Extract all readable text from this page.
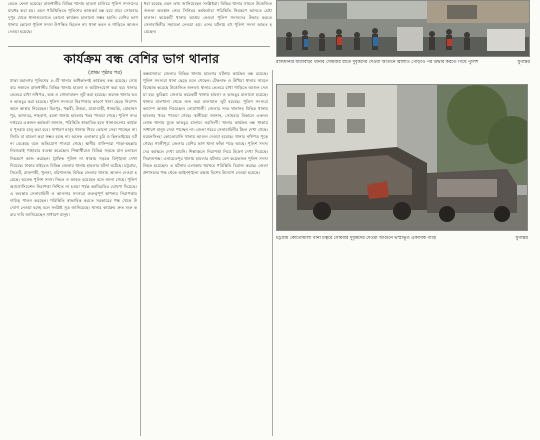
ভেঙে ফেলা হয়েছে। রাজধানীর বিভিন্ন থানায় হামলা চালিয়ে পুলিশ সদস্যদের মারধর করা হয়। এমন পরিস্থিতিতে পুলিশের কাজকর্ম বন্ধ হয়ে যায়। সোমবার দুপুর থেকে থানাগুলোতে কোনো কার্যক্রম চালানো সম্ভব হয়নি। বেশির ভাগ থানায় কোনো পুলিশ সদস্য উপস্থিত ছিলেন না। থানা ভবন ও গাড়িতে আগুন দেওয়া হয়েছে।

ধরা হয়েছে এমন তথ্য জানিয়েছেন সংশ্লিষ্টরা। বিভিন্ন থানার সামনে উত্তেজিত জনতা অবস্থান নেয়। সিনিয়র কর্মকর্তারা পরিস্থিতি নিয়ন্ত্রণে আনতে চেষ্টা চালান। কয়েকটি থানায় আশ্রয় নেওয়া পুলিশ সদস্যদের উদ্ধার করতে সেনাবাহিনীর সহায়তা নেওয়া হয়। এসব ঘটনায় বহু পুলিশ সদস্য আহত হয়েছেন।

কার্যক্রম বন্ধ বেশির ভাগ থানার
(প্রথম পৃষ্ঠার পর)

ঢাকা মহানগর পুলিশের ৫০টি থানার অধিকাংশই কার্যক্রম বন্ধ রয়েছে। সোমবার সকালে রাজধানীর বিভিন্ন থানায় হামলা ও অগ্নিসংযোগ করা হয়। থানার ভেতরে রাখা নথিপত্র, অস্ত্র ও গোলাবারুদ লুট করা হয়েছে। অনেক থানার ভবন ভাঙচুর করা হয়েছে। পুলিশ সদস্যরা নিরাপত্তার কারণে থানা ছেড়ে নিরাপদ স্থানে আশ্রয় নিয়েছেন। মিরপুর, পল্লবী, উত্তরা, যাত্রাবাড়ী, ধানমন্ডি, মোহাম্মদপুর, আদাবর, শাহবাগ, রমনা থানায় হামলার খবর পাওয়া গেছে। পুলিশ সদর দপ্তরের একজন কর্মকর্তা জানান, পরিস্থিতি স্বাভাবিক হলে থানাগুলোর কার্যক্রম পুনরায় চালু করা হবে। সাধারণ মানুষ থানায় গিয়ে কোনো সেবা পাচ্ছেন না। জিডি বা মামলা করা সম্ভব হচ্ছে না। অনেক এলাকায় চুরি ও ছিনতাইয়ের ঘটনা বেড়েছে বলে অভিযোগ পাওয়া গেছে। স্থানীয় বাসিন্দারা পাড়া-মহল্লায় নিজেরাই পাহারার ব্যবস্থা করেছেন। শিক্ষার্থীরাও বিভিন্ন সড়কে যান চলাচল নিয়ন্ত্রণে কাজ করছেন। ট্রাফিক পুলিশ না থাকায় সড়কে বিশৃঙ্খলা দেখা দিয়েছে। ঢাকার বাইরেও বিভিন্ন জেলায় থানায় হামলার ঘটনা ঘটেছে। চট্টগ্রাম, সিলেট, রাজশাহী, খুলনা, বরিশালসহ বিভিন্ন জেলার থানায় আগুন দেওয়া হয়েছে। অনেক পুলিশ সদস্য নিহত ও আহত হয়েছেন বলে জানা গেছে। পুলিশ অ্যাসোসিয়েশন নিরাপত্তা নিশ্চিত না হওয়া পর্যন্ত কর্মবিরতির ঘোষণা দিয়েছে। এ অবস্থায় সেনাবাহিনী ও আনসার সদস্যরা গুরুত্বপূর্ণ স্থাপনার নিরাপত্তায় দায়িত্ব পালন করছেন। পরিস্থিতি স্বাভাবিক করতে সরকারের পক্ষ থেকে উদ্যোগ নেওয়া হচ্ছে বলে সংশ্লিষ্ট সূত্র জানিয়েছে। থানার কার্যক্রম দ্রুত শুরু করার দাবি জানিয়েছেন সাধারণ মানুষ।

কক্সবাজার: জেলার বিভিন্ন থানায় হামলার ঘটনায় কার্যক্রম বন্ধ রয়েছে। পুলিশ সদস্যরা থানা ছেড়ে চলে গেছেন। টেকনাফ ও উখিয়া থানার সামনে বিক্ষোভ করেছে উত্তেজিত জনতা। থানার ভেতরে রাখা গাড়িতে আগুন দেওয়া হয়। কুমিল্লা: জেলার কয়েকটি থানায় হামলা ও ভাঙচুর চালানো হয়েছে। থানার মালখানা থেকে জব্দ করা মালামাল লুট হয়েছে। পুলিশ সদস্যরা ক্যাম্পে আশ্রয় নিয়েছেন। নোয়াখালী: জেলার সদর থানাসহ বিভিন্ন থানায় হামলার খবর পাওয়া গেছে। স্থানীয়রা জানান, সোমবার বিকালে একদল লোক থানায় ঢুকে ভাঙচুর চালায়। নরসিংদী: থানার কার্যক্রম বন্ধ থাকায় সাধারণ মানুষ সেবা পাচ্ছেন না। জেলা শহরে সেনাবাহিনীর টহল দেখা গেছে। ময়মনসিংহ: কোতোয়ালি থানায় আগুন দেওয়া হয়েছে। থানার নথিপত্র পুড়ে গেছে। গাজীপুর: জেলার বেশির ভাগ থানা ফাঁকা পড়ে আছে। পুলিশ সদস্যদের কর্মস্থলে দেখা যায়নি। শিল্পাঞ্চলে নিরাপত্তা নিয়ে উদ্বেগ দেখা দিয়েছে। সিরাজগঞ্জ: এনায়েতপুর থানায় হামলার ঘটনায় বেশ কয়েকজন পুলিশ সদস্য নিহত হয়েছেন। এ ঘটনায় এলাকায় থমথমে পরিস্থিতি বিরাজ করছে। জেলা প্রশাসনের পক্ষ থেকে আইনশৃঙ্খলা রক্ষায় বিশেষ উদ্যোগ নেওয়া হয়েছে।

রাজধানীর যাত্রাবাড়ী থানার সোমবার রাতে দুর্বৃত্তদের দেওয়া আগুনে জ্বালাও পোড়াও পর উদ্ধার করতে গিয়ে পুলিশ	যুগান্তর
চট্টগ্রাম কোতোয়ালী থানা চত্বরে সোমবার দুর্বৃত্তদের দেওয়া আগুনে ভস্মীভূত একাধিক গাড়ি	যুগান্তর
